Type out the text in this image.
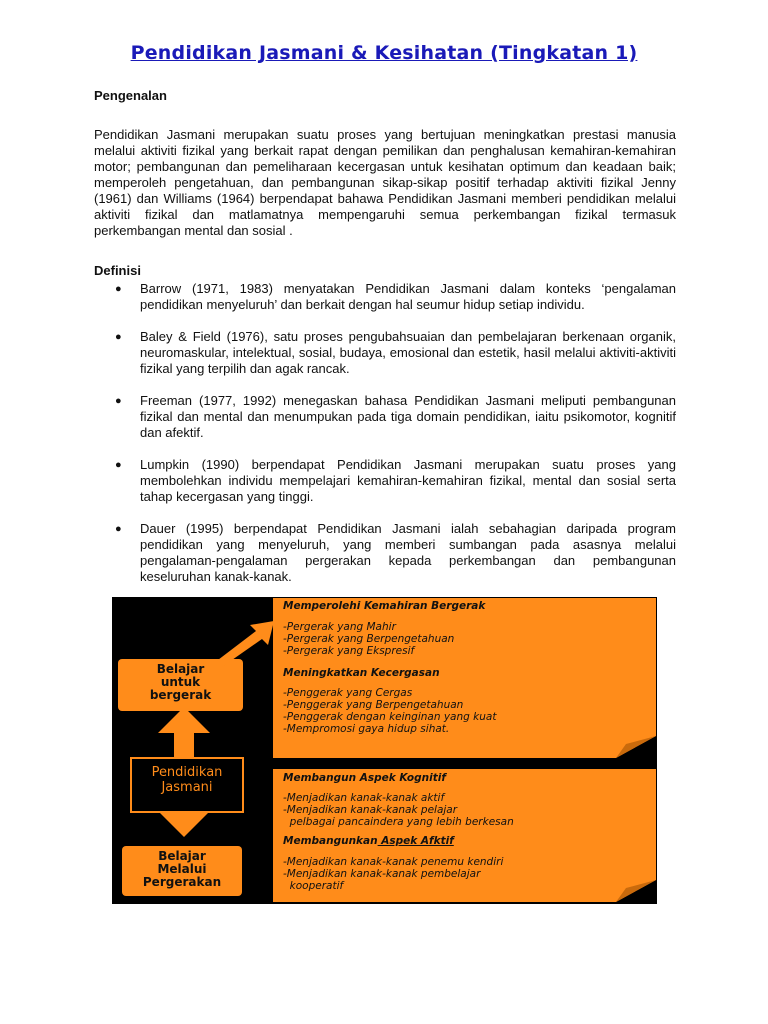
Pendidikan Jasmani & Kesihatan (Tingkatan 1)
Pengenalan
Pendidikan Jasmani merupakan suatu proses yang bertujuan meningkatkan prestasi manusia melalui aktiviti fizikal yang berkait rapat dengan pemilikan dan penghalusan kemahiran-kemahiran motor; pembangunan dan pemeliharaan kecergasan untuk kesihatan optimum dan keadaan baik; memperoleh pengetahuan, dan pembangunan sikap-sikap positif terhadap aktiviti fizikal Jenny (1961) dan Williams (1964) berpendapat bahawa Pendidikan Jasmani memberi pendidikan melalui aktiviti fizikal dan matlamatnya mempengaruhi semua perkembangan fizikal termasuk perkembangan mental dan sosial .
Definisi
● Barrow (1971, 1983) menyatakan Pendidikan Jasmani dalam konteks ‘pengalaman pendidikan menyeluruh’ dan berkait dengan hal seumur hidup setiap individu.
● Baley & Field (1976), satu proses pengubahsuaian dan pembelajaran berkenaan organik, neuromaskular, intelektual, sosial, budaya, emosional dan estetik, hasil melalui aktiviti-aktiviti fizikal yang terpilih dan agak rancak.
● Freeman (1977, 1992) menegaskan bahasa Pendidikan Jasmani meliputi pembangunan fizikal dan mental dan menumpukan pada tiga domain pendidikan, iaitu psikomotor, kognitif dan afektif.
● Lumpkin (1990) berpendapat Pendidikan Jasmani merupakan suatu proses yang membolehkan individu mempelajari kemahiran-kemahiran fizikal, mental dan sosial serta tahap kecergasan yang tinggi.
● Dauer (1995) berpendapat Pendidikan Jasmani ialah sebahagian daripada program pendidikan yang menyeluruh, yang memberi sumbangan pada asasnya melalui pengalaman-pengalaman pergerakan kepada perkembangan dan pembangunan keseluruhan kanak-kanak.
Belajar
untuk
bergerak
Pendidikan
Jasmani
Belajar
Melalui
Pergerakan
Memperolehi Kemahiran Bergerak
-Pergerak yang Mahir
-Pergerak yang Berpengetahuan
-Pergerak yang Ekspresif
Meningkatkan Kecergasan
-Penggerak yang Cergas
-Penggerak yang Berpengetahuan
-Penggerak dengan keinginan yang kuat
-Mempromosi gaya hidup sihat.
Membangun Aspek Kognitif
-Menjadikan kanak-kanak aktif
-Menjadikan kanak-kanak pelajar
pelbagai pancaindera yang lebih berkesan
Membangunkan Aspek Afktif
-Menjadikan kanak-kanak penemu kendiri
-Menjadikan kanak-kanak pembelajar
kooperatif
